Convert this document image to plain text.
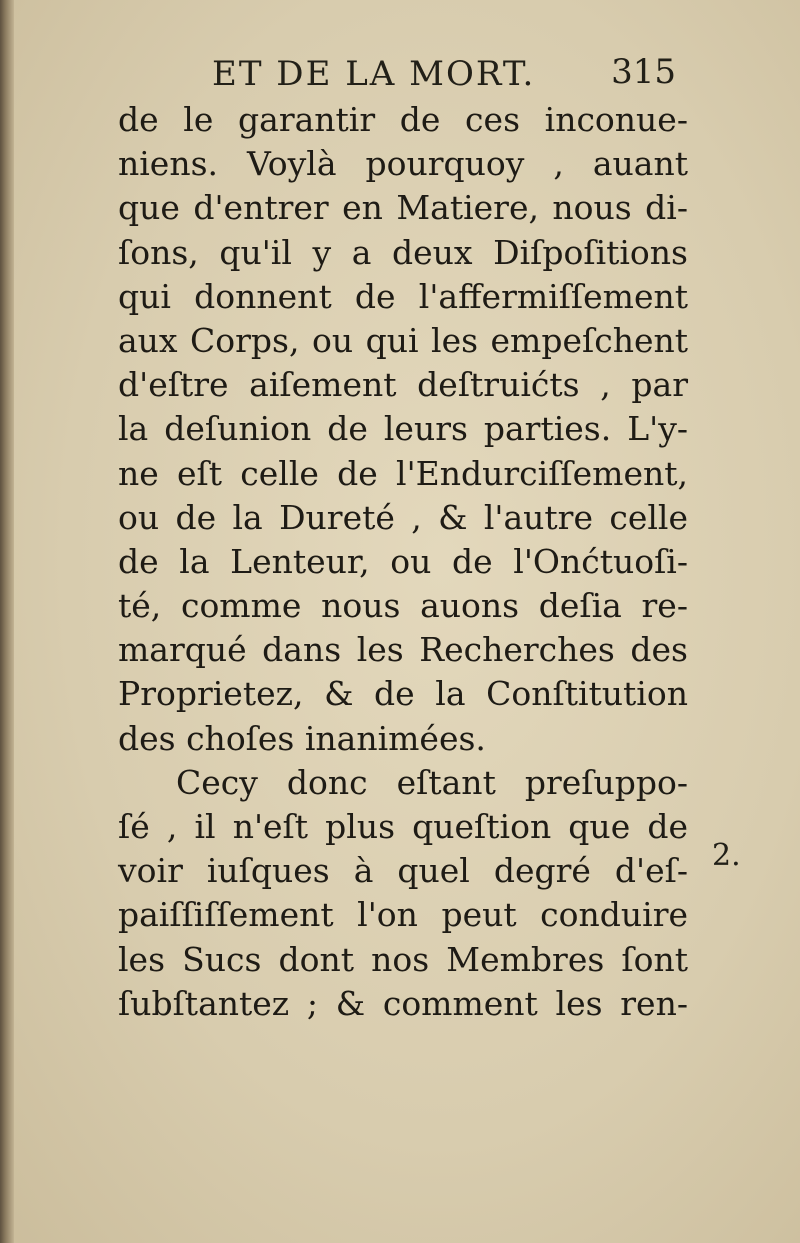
ET DE LA MORT. 315
de le garantir de ces inconue-
niens. Voylà pourquoy , auant
que d'entrer en Matiere, nous di-
ſons, qu'il y a deux Diſpoſitions
qui donnent de l'affermiſſement
aux Corps, ou qui les empeſchent
d'eſtre aiſement deſtruićts , par
la deſunion de leurs parties. L'y-
ne eſt celle de l'Endurciſſement,
ou de la Dureté , & l'autre celle
de la Lenteur, ou de l'Onćtuoſi-
té, comme nous auons deſia re-
marqué dans les Recherches des
Proprietez, & de la Conſtitution
des choſes inanimées.
Cecy donc eſtant preſuppo-
ſé , il n'eſt plus queſtion que de
voir iuſques à quel degré d'eſ-
paiſſiſſement l'on peut conduire
les Sucs dont nos Membres ſont
ſubſtantez ; & comment les ren-
2.
